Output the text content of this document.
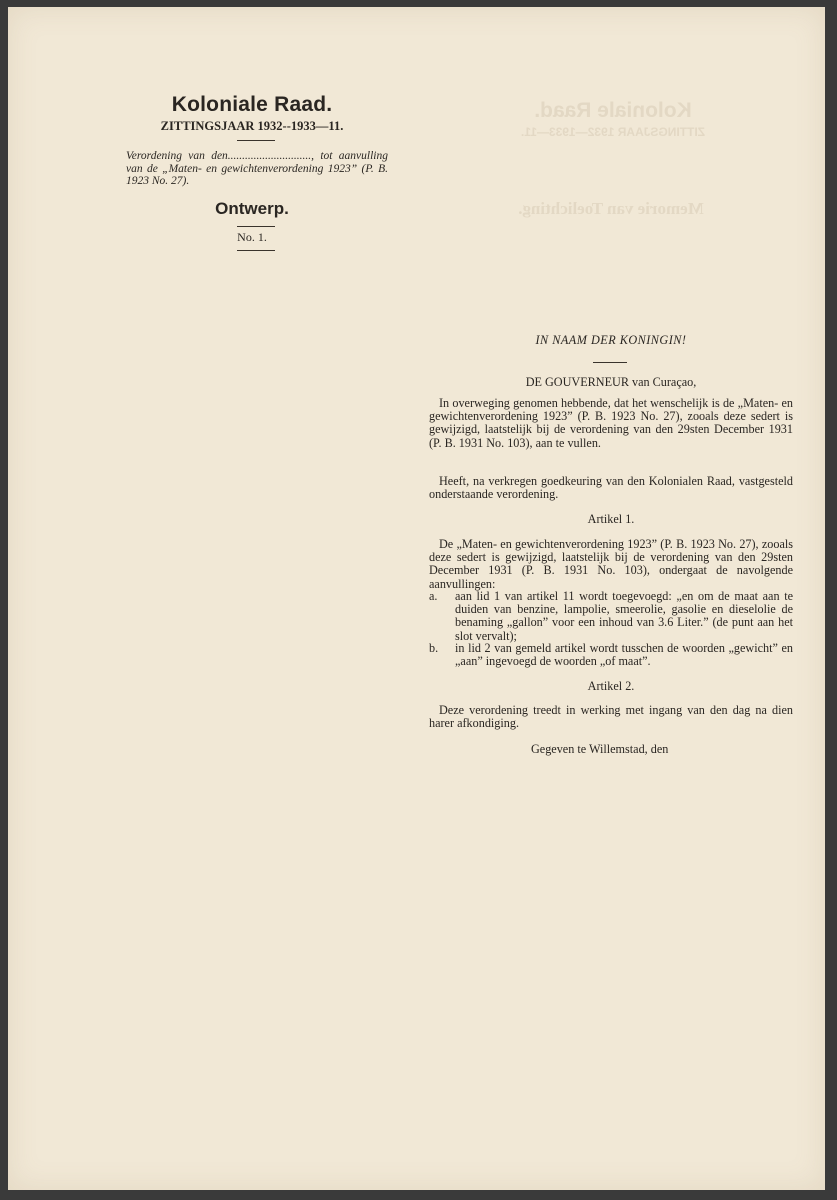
Koloniale Raad.
ZITTINGSJAAR 1932—1933—11.
Memorie van Toelichting.
Koloniale Raad.
ZITTINGSJAAR 1932--1933—11.
Verordening van den............................., tot aanvulling van de „Maten- en gewichtenverordening 1923” (P. B. 1923 No. 27).
Ontwerp.
No. 1.
IN NAAM DER KONINGIN!
DE GOUVERNEUR van Curaçao,
In overweging genomen hebbende, dat het wenschelijk is de „Maten- en gewichtenverordening 1923” (P. B. 1923 No. 27), zooals deze sedert is gewijzigd, laatstelijk bij de verordening van den 29sten December 1931 (P. B. 1931 No. 103), aan te vullen.
Heeft, na verkregen goedkeuring van den Kolonialen Raad, vastgesteld onderstaande verordening.
Artikel 1.
De „Maten- en gewichtenverordening 1923” (P. B. 1923 No. 27), zooals deze sedert is gewijzigd, laatstelijk bij de verordening van den 29sten December 1931 (P. B. 1931 No. 103), ondergaat de navolgende aanvullingen:
a.	aan lid 1 van artikel 11 wordt toegevoegd: „en om de maat aan te duiden van benzine, lampolie, smeerolie, gasolie en dieselolie de benaming „gallon” voor een inhoud van 3.6 Liter.” (de punt aan het slot vervalt);
b.	in lid 2 van gemeld artikel wordt tusschen de woorden „gewicht” en „aan” ingevoegd de woorden „of maat”.
Artikel 2.
Deze verordening treedt in werking met ingang van den dag na dien harer afkondiging.
Gegeven te Willemstad, den
